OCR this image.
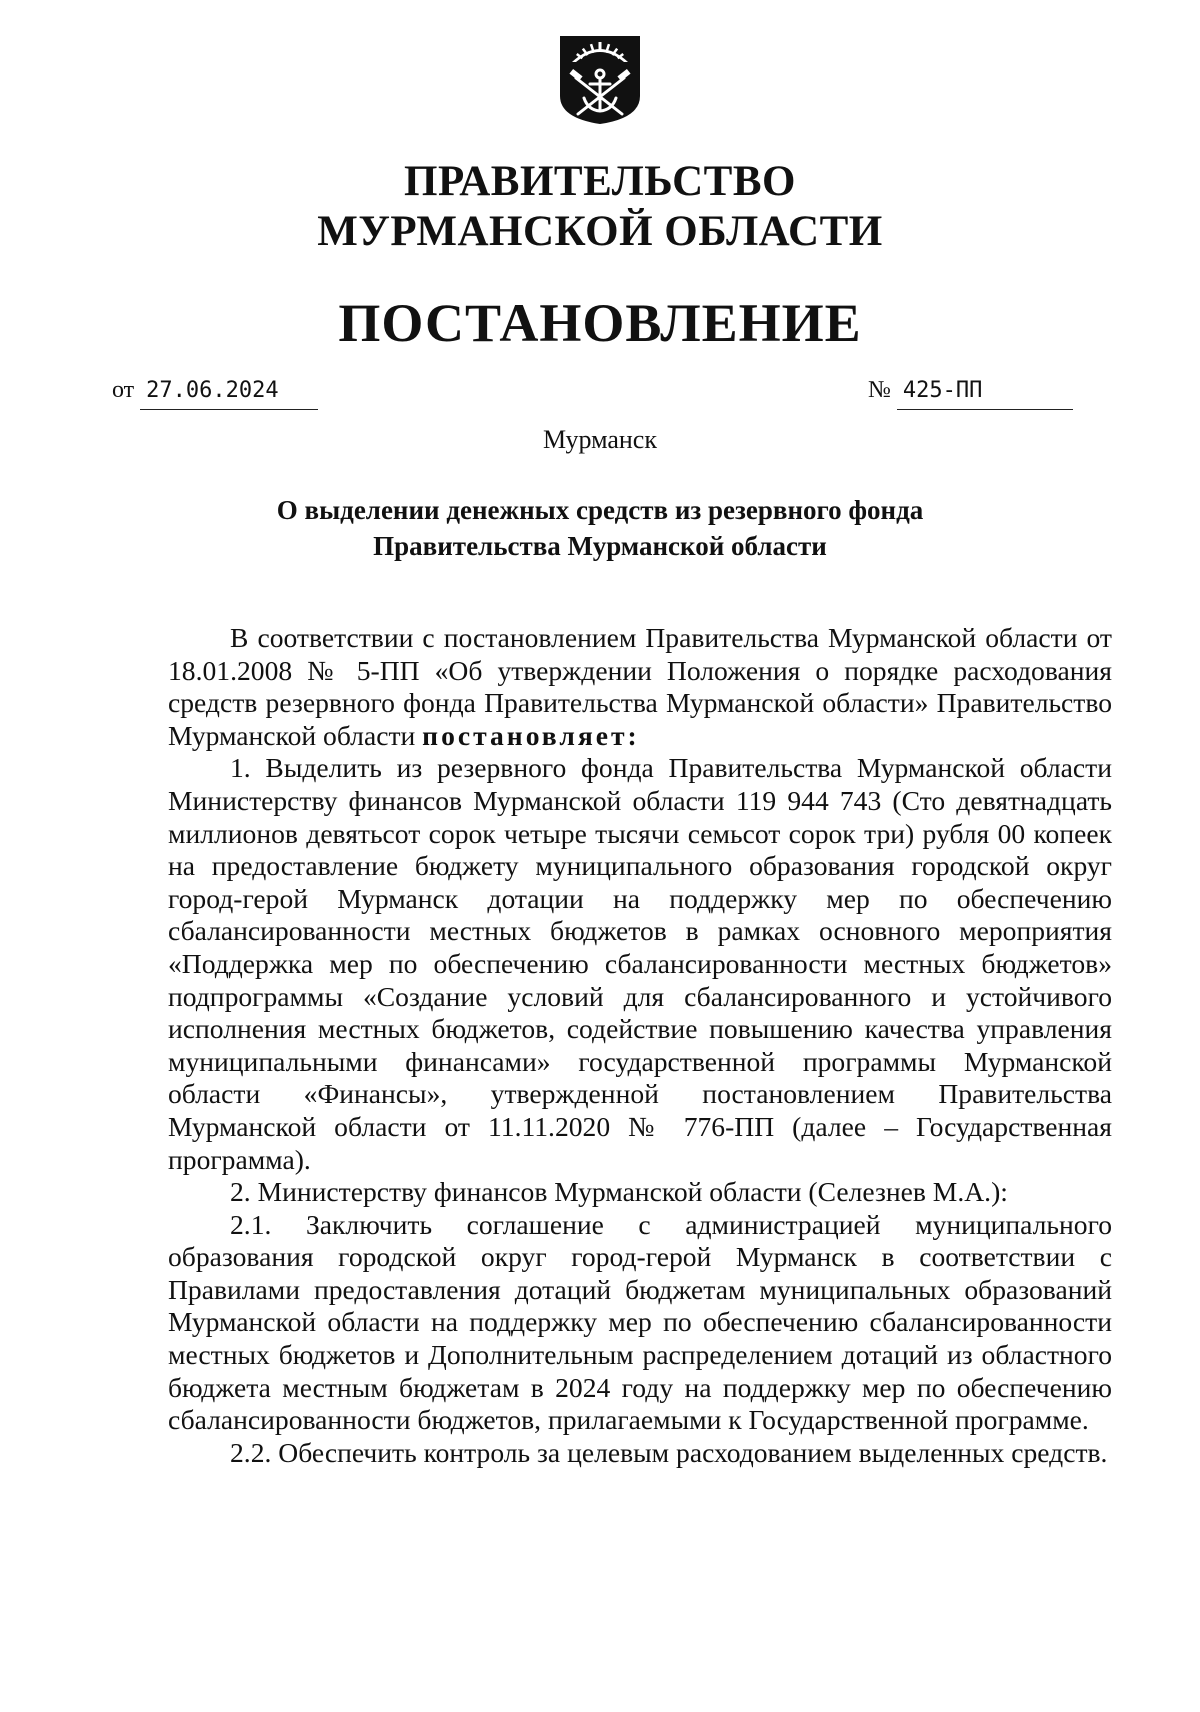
ПРАВИТЕЛЬСТВО
МУРМАНСКОЙ ОБЛАСТИ
ПОСТАНОВЛЕНИЕ
от 27.06.2024	№ 425-ПП
Мурманск
О выделении денежных средств из резервного фонда
Правительства Мурманской области

В соответствии с постановлением Правительства Мурманской области от 18.01.2008 № 5-ПП «Об утверждении Положения о порядке расходования средств резервного фонда Правительства Мурманской области» Правительство Мурманской области постановляет:

1. Выделить из резервного фонда Правительства Мурманской области Министерству финансов Мурманской области 119 944 743 (Сто девятнадцать миллионов девятьсот сорок четыре тысячи семьсот сорок три) рубля 00 копеек на предоставление бюджету муниципального образования городской округ город-герой Мурманск дотации на поддержку мер по обеспечению сбалансированности местных бюджетов в рамках основного мероприятия «Поддержка мер по обеспечению сбалансированности местных бюджетов» подпрограммы «Создание условий для сбалансированного и устойчивого исполнения местных бюджетов, содействие повышению качества управления муниципальными финансами» государственной программы Мурманской области «Финансы», утвержденной постановлением Правительства Мурманской области от 11.11.2020 № 776-ПП (далее – Государственная программа).

2. Министерству финансов Мурманской области (Селезнев М.А.):

2.1. Заключить соглашение с администрацией муниципального образования городской округ город-герой Мурманск в соответствии с Правилами предоставления дотаций бюджетам муниципальных образований Мурманской области на поддержку мер по обеспечению сбалансированности местных бюджетов и Дополнительным распределением дотаций из областного бюджета местным бюджетам в 2024 году на поддержку мер по обеспечению сбалансированности бюджетов, прилагаемыми к Государственной программе.

2.2. Обеспечить контроль за целевым расходованием выделенных средств.
